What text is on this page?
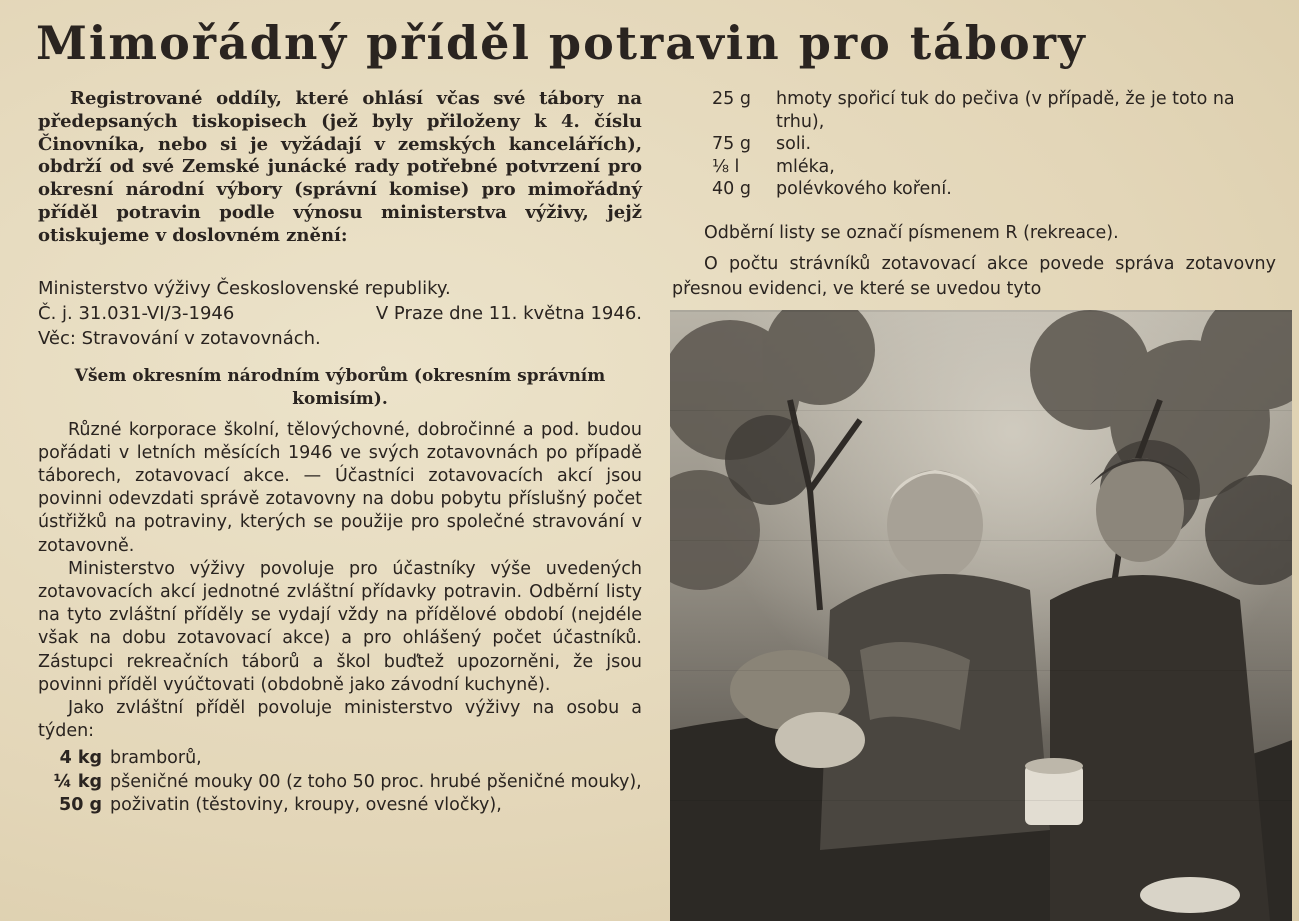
Mimořádný příděl potravin pro tábory

Registrované oddíly, které ohlásí včas své tábory na předepsaných tiskopisech (jež byly přiloženy k 4. číslu Činovníka, nebo si je vyžádají v zemských kancelářích), obdrží od své Zemské junácké rady potřebné potvrzení pro okresní národní výbory (správní komise) pro mimořádný příděl potravin podle výnosu ministerstva výživy, jejž otiskujeme v doslovném znění:

Ministerstvo výživy Československé republiky.
Č. j. 31.031-VI/3-1946	V Praze dne 11. května 1946.
Věc: Stravování v zotavovnách.

Všem okresním národním výborům (okresním správním komisím).

Různé korporace školní, tělovýchovné, dobročinné a pod. budou pořádati v letních měsících 1946 ve svých zotavovnách po případě táborech, zotavovací akce. — Účastníci zotavovacích akcí jsou povinni odevzdati správě zotavovny na dobu pobytu příslušný počet ústřižků na potraviny, kterých se použije pro společné stravování v zotavovně.

Ministerstvo výživy povoluje pro účastníky výše uvedených zotavovacích akcí jednotné zvláštní přídavky potravin. Odběrní listy na tyto zvláštní příděly se vydají vždy na přídělové období (nejdéle však na dobu zotavovací akce) a pro ohlášený počet účastníků. Zástupci rekreačních táborů a škol buďtež upozorněni, že jsou povinni příděl vyúčtovati (obdobně jako závodní kuchyně).

Jako zvláštní příděl povoluje ministerstvo výživy na osobu a týden:

4 kg bramborů,
¼ kg pšeničné mouky 00 (z toho 50 proc. hrubé pšeničné mouky),
50 g poživatin (těstoviny, kroupy, ovesné vločky),
25 g	hmoty spořicí tuk do pečiva (v případě, že je toto na trhu),
75 g	soli.
⅛ l	mléka,
40 g	polévkového koření.

Odběrní listy se označí písmenem R (rekreace).

O počtu strávníků zotavovací akce povede správa zotavovny přesnou evidenci, ve které se uvedou tyto
